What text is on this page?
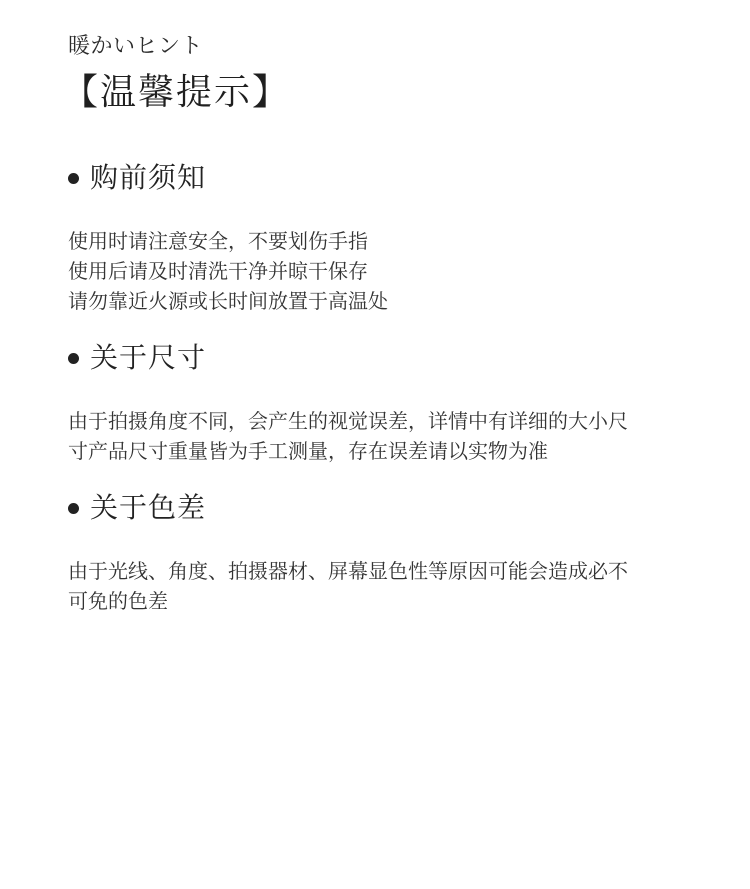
暖かいヒント
【温馨提示】
购前须知
使用时请注意安全，不要划伤手指
使用后请及时清洗干净并晾干保存
请勿靠近火源或长时间放置于高温处
关于尺寸
由于拍摄角度不同，会产生的视觉误差，详情中有详细的大小尺
寸产品尺寸重量皆为手工测量，存在误差请以实物为准
关于色差
由于光线、角度、拍摄器材、屏幕显色性等原因可能会造成必不
可免的色差
